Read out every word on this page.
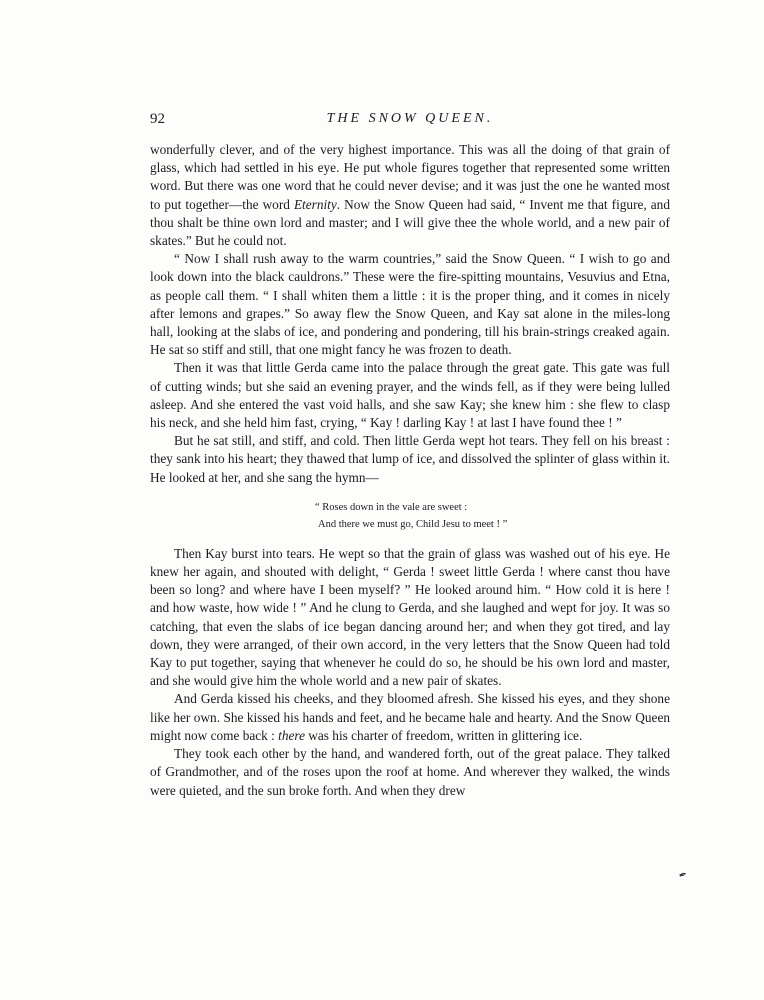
92	THE SNOW QUEEN.

wonderfully clever, and of the very highest importance. This was all the doing of that grain of glass, which had settled in his eye. He put whole figures together that represented some written word. But there was one word that he could never devise; and it was just the one he wanted most to put together—the word Eternity. Now the Snow Queen had said, “ Invent me that figure, and thou shalt be thine own lord and master; and I will give thee the whole world, and a new pair of skates.” But he could not.

“ Now I shall rush away to the warm countries,” said the Snow Queen. “ I wish to go and look down into the black cauldrons.” These were the fire-spitting mountains, Vesuvius and Etna, as people call them. “ I shall whiten them a little : it is the proper thing, and it comes in nicely after lemons and grapes.” So away flew the Snow Queen, and Kay sat alone in the miles-long hall, looking at the slabs of ice, and pondering and pondering, till his brain-strings creaked again. He sat so stiff and still, that one might fancy he was frozen to death.

Then it was that little Gerda came into the palace through the great gate. This gate was full of cutting winds; but she said an evening prayer, and the winds fell, as if they were being lulled asleep. And she entered the vast void halls, and she saw Kay; she knew him : she flew to clasp his neck, and she held him fast, crying, “ Kay ! darling Kay ! at last I have found thee ! ”

But he sat still, and stiff, and cold. Then little Gerda wept hot tears. They fell on his breast : they sank into his heart; they thawed that lump of ice, and dissolved the splinter of glass within it. He looked at her, and she sang the hymn—

“ Roses down in the vale are sweet :
And there we must go, Child Jesu to meet ! ”

Then Kay burst into tears. He wept so that the grain of glass was washed out of his eye. He knew her again, and shouted with delight, “ Gerda ! sweet little Gerda ! where canst thou have been so long? and where have I been myself? ” He looked around him. “ How cold it is here ! and how waste, how wide ! ” And he clung to Gerda, and she laughed and wept for joy. It was so catching, that even the slabs of ice began dancing around her; and when they got tired, and lay down, they were arranged, of their own accord, in the very letters that the Snow Queen had told Kay to put together, saying that whenever he could do so, he should be his own lord and master, and she would give him the whole world and a new pair of skates.

And Gerda kissed his cheeks, and they bloomed afresh. She kissed his eyes, and they shone like her own. She kissed his hands and feet, and he became hale and hearty. And the Snow Queen might now come back : there was his charter of freedom, written in glittering ice.

They took each other by the hand, and wandered forth, out of the great palace. They talked of Grandmother, and of the roses upon the roof at home. And wherever they walked, the winds were quieted, and the sun broke forth. And when they drew

✒
